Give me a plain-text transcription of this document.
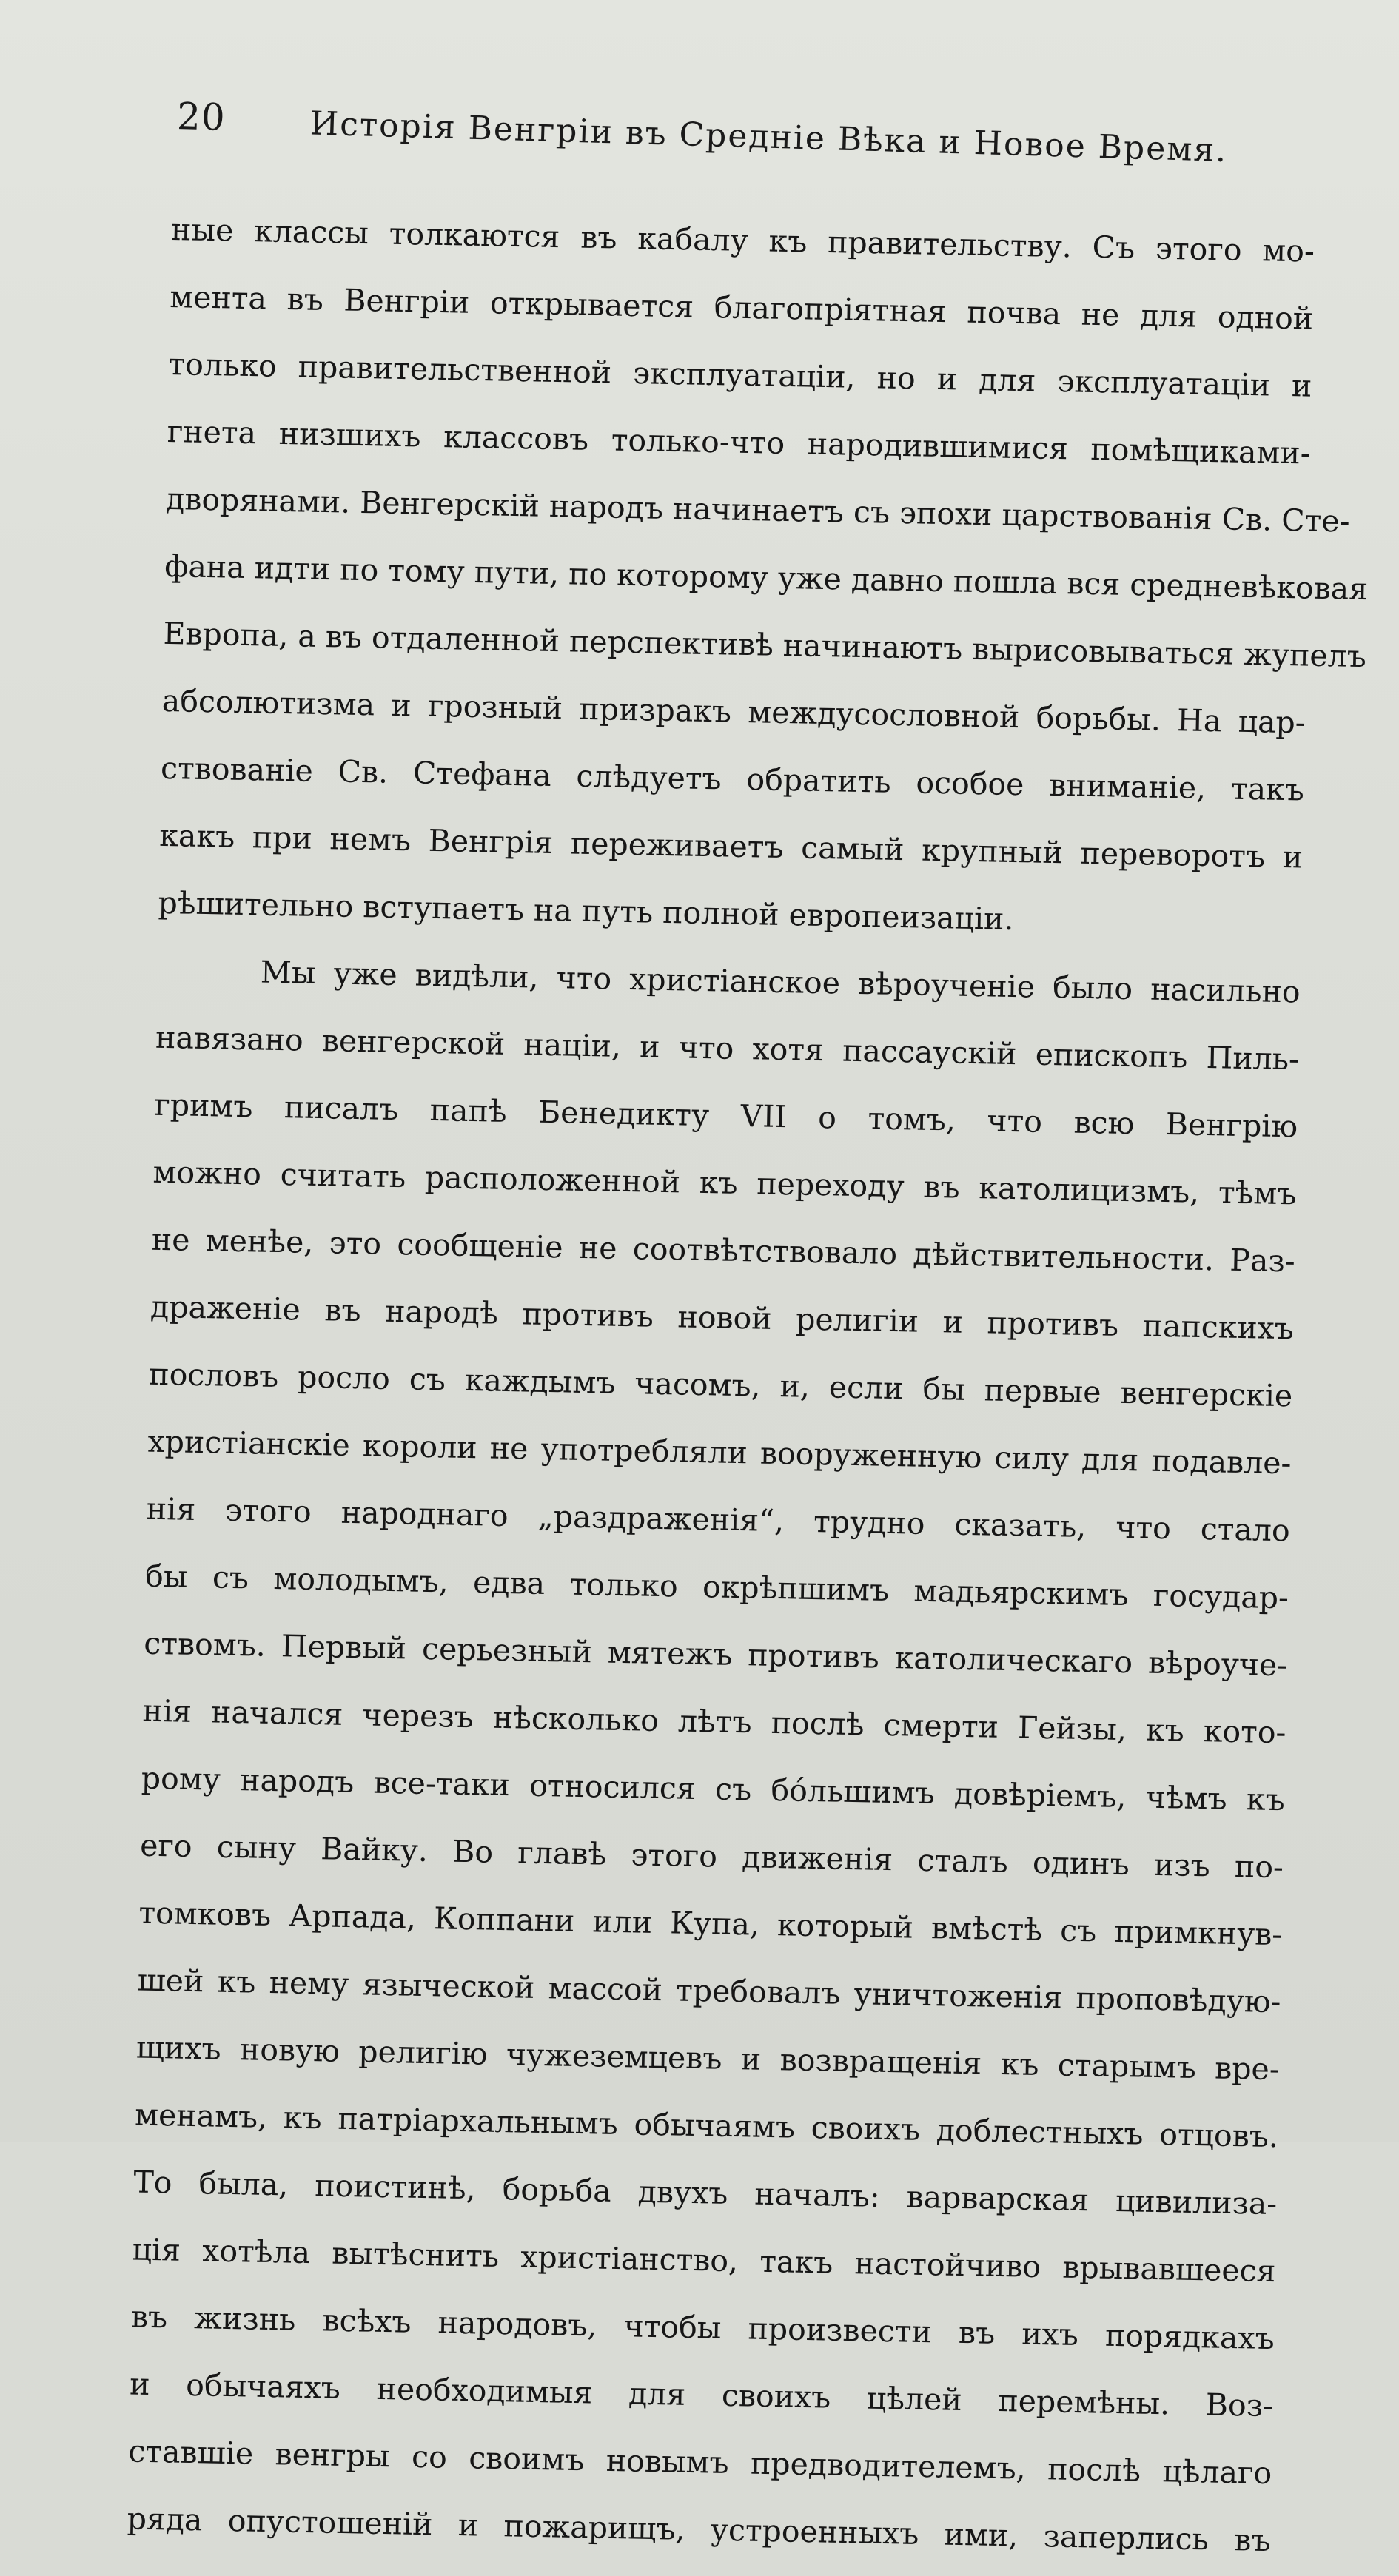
20	Исторія Венгріи въ Средніе Вѣка и Новое Время.
ные классы толкаются въ кабалу къ правительству. Съ этого мо-
мента въ Венгріи открывается благопріятная почва не для одной
только правительственной эксплуатаціи, но и для эксплуатаціи и
гнета низшихъ классовъ только-что народившимися помѣщиками-
дворянами. Венгерскій народъ начинаетъ съ эпохи царствованія Св. Сте-
фана идти по тому пути, по которому уже давно пошла вся средневѣковая
Европа, а въ отдаленной перспективѣ начинаютъ вырисовываться жупелъ
абсолютизма и грозный призракъ междусословной борьбы. На цар-
ствованіе Св. Стефана слѣдуетъ обратить особое вниманіе, такъ
какъ при немъ Венгрія переживаетъ самый крупный переворотъ и
рѣшительно вступаетъ на путь полной европеизаціи.
Мы уже видѣли, что христіанское вѣроученіе было насильно
навязано венгерской націи, и что хотя пассаускій епископъ Пиль-
гримъ писалъ папѣ Бенедикту VII о томъ, что всю Венгрію
можно считать расположенной къ переходу въ католицизмъ, тѣмъ
не менѣе, это сообщеніе не соотвѣтствовало дѣйствительности. Раз-
драженіе въ народѣ противъ новой религіи и противъ папскихъ
пословъ росло съ каждымъ часомъ, и, если бы первые венгерскіе
христіанскіе короли не употребляли вооруженную силу для подавле-
нія этого народнаго „раздраженія“, трудно сказать, что стало
бы съ молодымъ, едва только окрѣпшимъ мадьярскимъ государ-
ствомъ. Первый серьезный мятежъ противъ католическаго вѣроуче-
нія начался черезъ нѣсколько лѣтъ послѣ смерти Гейзы, къ кото-
рому народъ все-таки относился съ бо́льшимъ довѣріемъ, чѣмъ къ
его сыну Вайку. Во главѣ этого движенія сталъ одинъ изъ по-
томковъ Арпада, Коппани или Купа, который вмѣстѣ съ примкнув-
шей къ нему языческой массой требовалъ уничтоженія проповѣдую-
щихъ новую религію чужеземцевъ и возвращенія къ старымъ вре-
менамъ, къ патріархальнымъ обычаямъ своихъ доблестныхъ отцовъ.
То была, поистинѣ, борьба двухъ началъ: варварская цивилиза-
ція хотѣла вытѣснить христіанство, такъ настойчиво врывавшееся
въ жизнь всѣхъ народовъ, чтобы произвести въ ихъ порядкахъ
и обычаяхъ необходимыя для своихъ цѣлей перемѣны. Воз-
ставшіе венгры со своимъ новымъ предводителемъ, послѣ цѣлаго
ряда опустошеній и пожарищъ, устроенныхъ ими, заперлись въ
